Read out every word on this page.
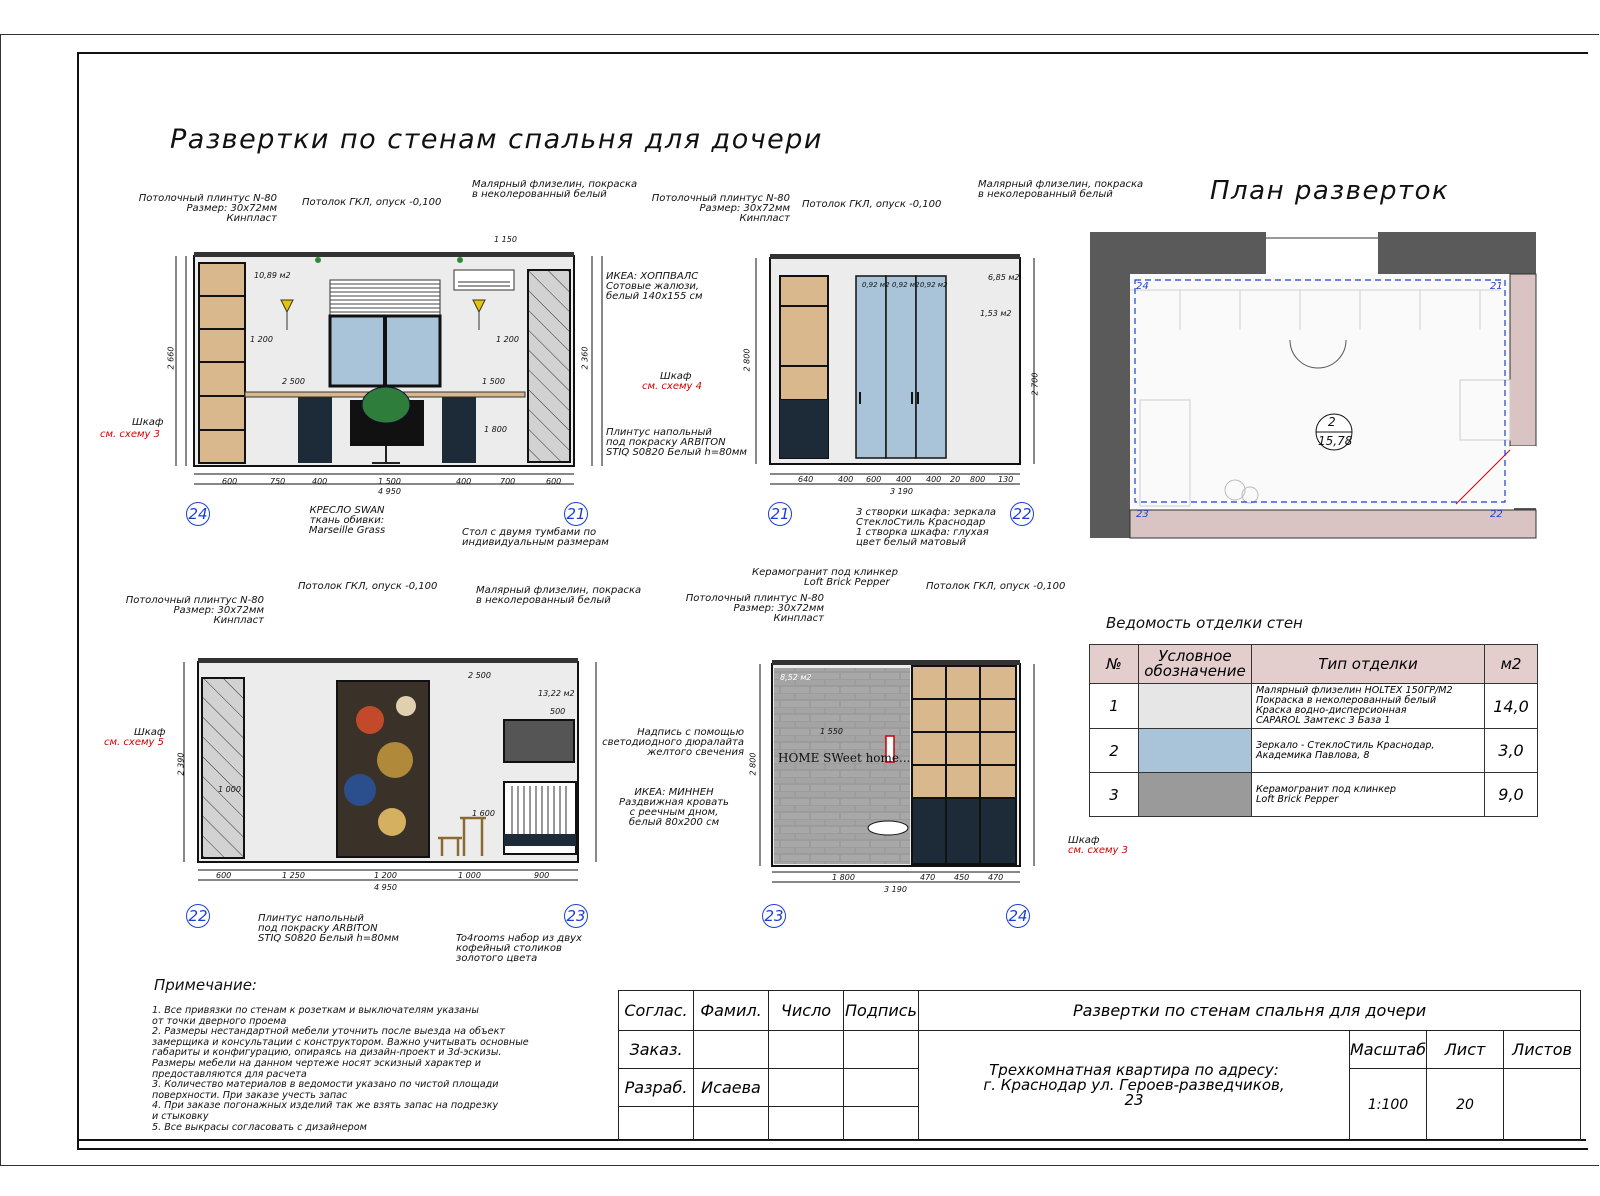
Развертки по стенам спальня для дочери
План разверток
Потолочный плинтус N-80
Размер: 30х72мм
Кинпласт
Потолок ГКЛ, опуск -0,100
Малярный флизелин, покраска
в неколерованный белый
ИКЕА: ХОППВАЛС
Сотовые жалюзи,
белый 140х155 см
Шкаф
см. схему 3	Плинтус напольный
под покраску ARBITON
STIQ S0820 Белый h=80мм
КРЕСЛО SWAN
ткань обивки:
Marseille Grass	Стол с двумя тумбами по
индивидуальным размерам
10,89 м2
1 200	1 200
1 150
2 500	1 500
1 800
600	750	400	1 500	400	700	600
4 950
2 660	2 360
Потолочный плинтус N-80
Размер: 30х72мм
Кинпласт
Потолок ГКЛ, опуск -0,100
Малярный флизелин, покраска
в неколерованный белый
Шкаф
см. схему 4
3 створки шкафа: зеркала
СтеклоСтиль Краснодар
1 створка шкафа: глухая
цвет белый матовый
0,92 м2 0,92 м2 0,92 м2
6,85 м2
1,53 м2
640	400 600 400 400 20 800 130
3 190
2 800
2 700
Потолочный плинтус N-80
Размер: 30х72мм
Кинпласт
Потолок ГКЛ, опуск -0,100	Малярный флизелин, покраска
в неколерованный белый
Шкаф
см. схему 5
Плинтус напольный
под покраску ARBITON
STIQ S0820 Белый h=80мм	To4rooms набор из двух
кофейный столиков
золотого цвета
13,22 м2
2 500
500
1 600
1 000
600	1 250	1 200	1 000	900
4 950
2 390
Керамогранит под клинкер
Loft Brick Pepper
Потолочный плинтус N-80
Размер: 30х72мм
Кинпласт
Потолок ГКЛ, опуск -0,100
Надпись с помощью
светодиодного дюралайта
желтого свечения
ИКЕА: МИННЕН
Раздвижная кровать
с реечным дном,
белый 80х200 см
Шкаф
см. схему 3
8,52 м2
HOME SWeet home...
1 550
1 800	470 450 470
3 190
2 800
24	21	21	22
22	23	23	24
24	21
23	22
2
15,78
Ведомость отделки стен
№	Условное обозначение	Тип отделки	м2
1		Малярный флизелин HOLTEX 150ГР/М2
Покраска в неколерованный белый
Краска водно-дисперсионная
CAPAROL Замтекс 3 База 1	14,0
2		Зеркало - СтеклоСтиль Краснодар,
Академика Павлова, 8	3,0
3		Керамогранит под клинкер
Loft Brick Pepper	9,0
Примечание:
1. Все привязки по стенам к розеткам и выключателям указаны
от точки дверного проема
2. Размеры нестандартной мебели уточнить после выезда на объект
замерщика и консультации с конструктором. Важно учитывать основные
габариты и конфигурацию, опираясь на дизайн-проект и 3d-эскизы.
Размеры мебели на данном чертеже носят эскизный характер и
предоставляются для расчета
3. Количество материалов в ведомости указано по чистой площади
поверхности. При заказе учесть запас
4. При заказе погонажных изделий так же взять запас на подрезку
и стыковку
5. Все выкрасы согласовать с дизайнером
Соглас.	Фамил.	Число	Подпись	Развертки по стенам спальня для дочери			
Заказ.				Трехкомнатная квартира по адресу:
г. Краснодар ул. Героев-разведчиков,
23	Масштаб	Лист	Листов
Разраб.	Исаева				1:100	20	
